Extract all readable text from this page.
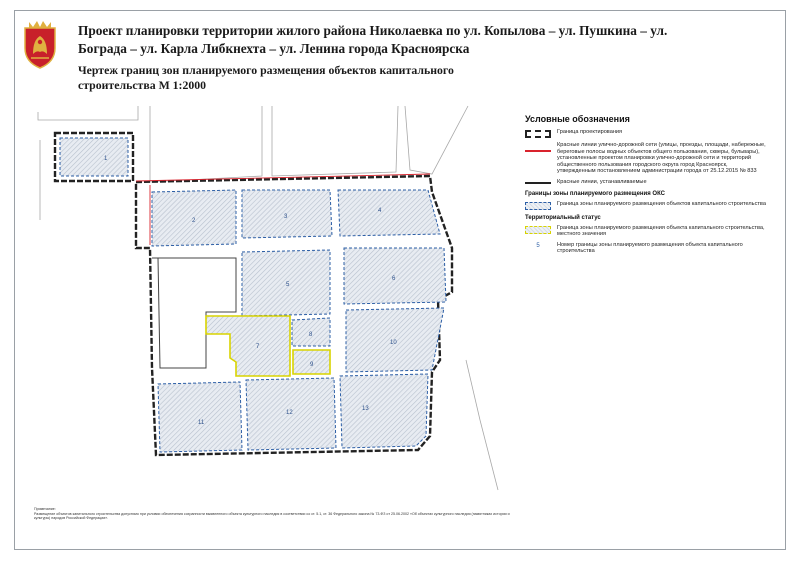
Проект планировки территории жилого района Николаевка по ул. Копылова – ул. Пушкина – ул. Бограда – ул. Карла Либкнехта – ул. Ленина города Красноярска
Чертеж границ зон планируемого размещения объектов капитального строительства М 1:2000
1
2
3
4
5
6
7
8
9
10
11
12
13
Условные обозначения
Граница проектирования
Красные линии улично-дорожной сети (улицы, проезды, площади, набережные, береговые полосы водных объектов общего пользования, скверы, бульвары), установленные проектом планировки улично-дорожной сети и территорий общественного пользования городского округа город Красноярск, утвержденным постановлением администрации города от 25.12.2015 № 833
Красные линии, устанавливаемые
Границы зоны планируемого размещения ОКС
Граница зоны планируемого размещения объектов капитального строительства
Территориальный статус
Граница зоны планируемого размещения объекта капитального строительства, местного значения
5	Номер границы зоны планируемого размещения объекта капитального строительства
Примечание:
Размещение объектов капитального строительства допустимо при условии обеспечения сохранности выявленного объекта культурного наследия в соответствии со ст. 5.1, ст. 36 Федерального закона № 73-ФЗ от 25.06.2002 «Об объектах культурного наследия (памятниках истории и культуры) народов Российской Федерации».
